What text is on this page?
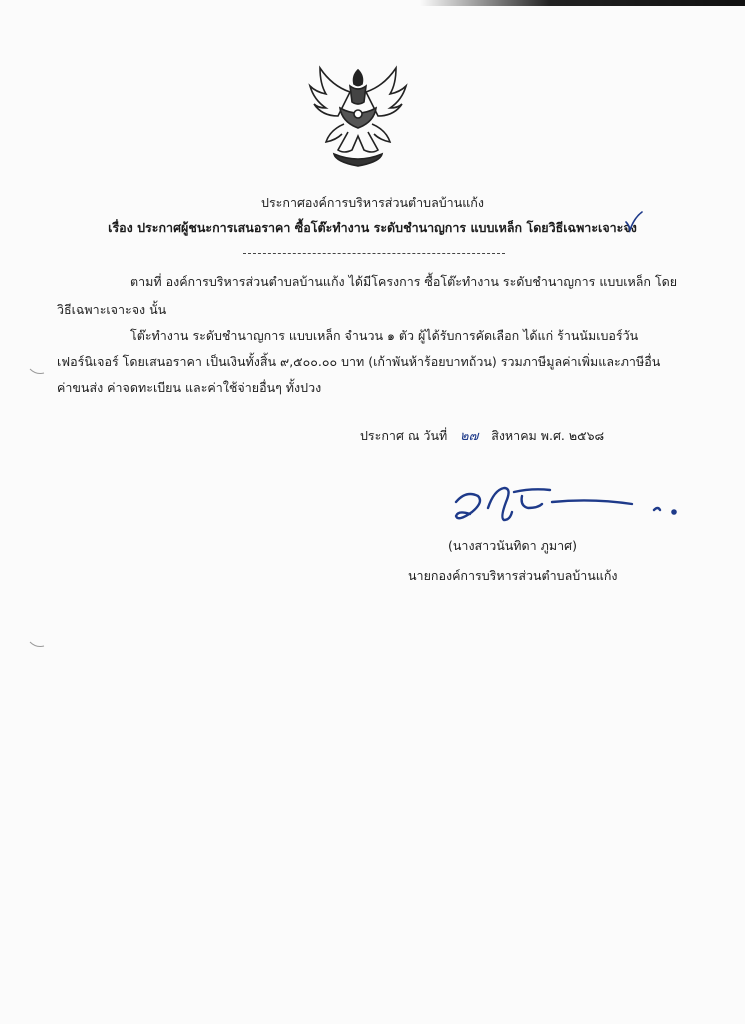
ประกาศองค์การบริหารส่วนตำบลบ้านแก้ง
เรื่อง ประกาศผู้ชนะการเสนอราคา ซื้อโต๊ะทำงาน ระดับชำนาญการ แบบเหล็ก โดยวิธีเฉพาะเจาะจง
ตามที่ องค์การบริหารส่วนตำบลบ้านแก้ง ได้มีโครงการ ซื้อโต๊ะทำงาน ระดับชำนาญการ แบบเหล็ก โดย
วิธีเฉพาะเจาะจง นั้น
โต๊ะทำงาน ระดับชำนาญการ แบบเหล็ก จำนวน ๑ ตัว ผู้ได้รับการคัดเลือก ได้แก่ ร้านนัมเบอร์วัน
เฟอร์นิเจอร์ โดยเสนอราคา เป็นเงินทั้งสิ้น ๙,๕๐๐.๐๐ บาท (เก้าพันห้าร้อยบาทถ้วน) รวมภาษีมูลค่าเพิ่มและภาษีอื่น
ค่าขนส่ง ค่าจดทะเบียน และค่าใช้จ่ายอื่นๆ ทั้งปวง
ประกาศ ณ วันที่ ๒๗ สิงหาคม พ.ศ. ๒๕๖๘
(นางสาวนันทิดา ภูมาศ)
นายกองค์การบริหารส่วนตำบลบ้านแก้ง
